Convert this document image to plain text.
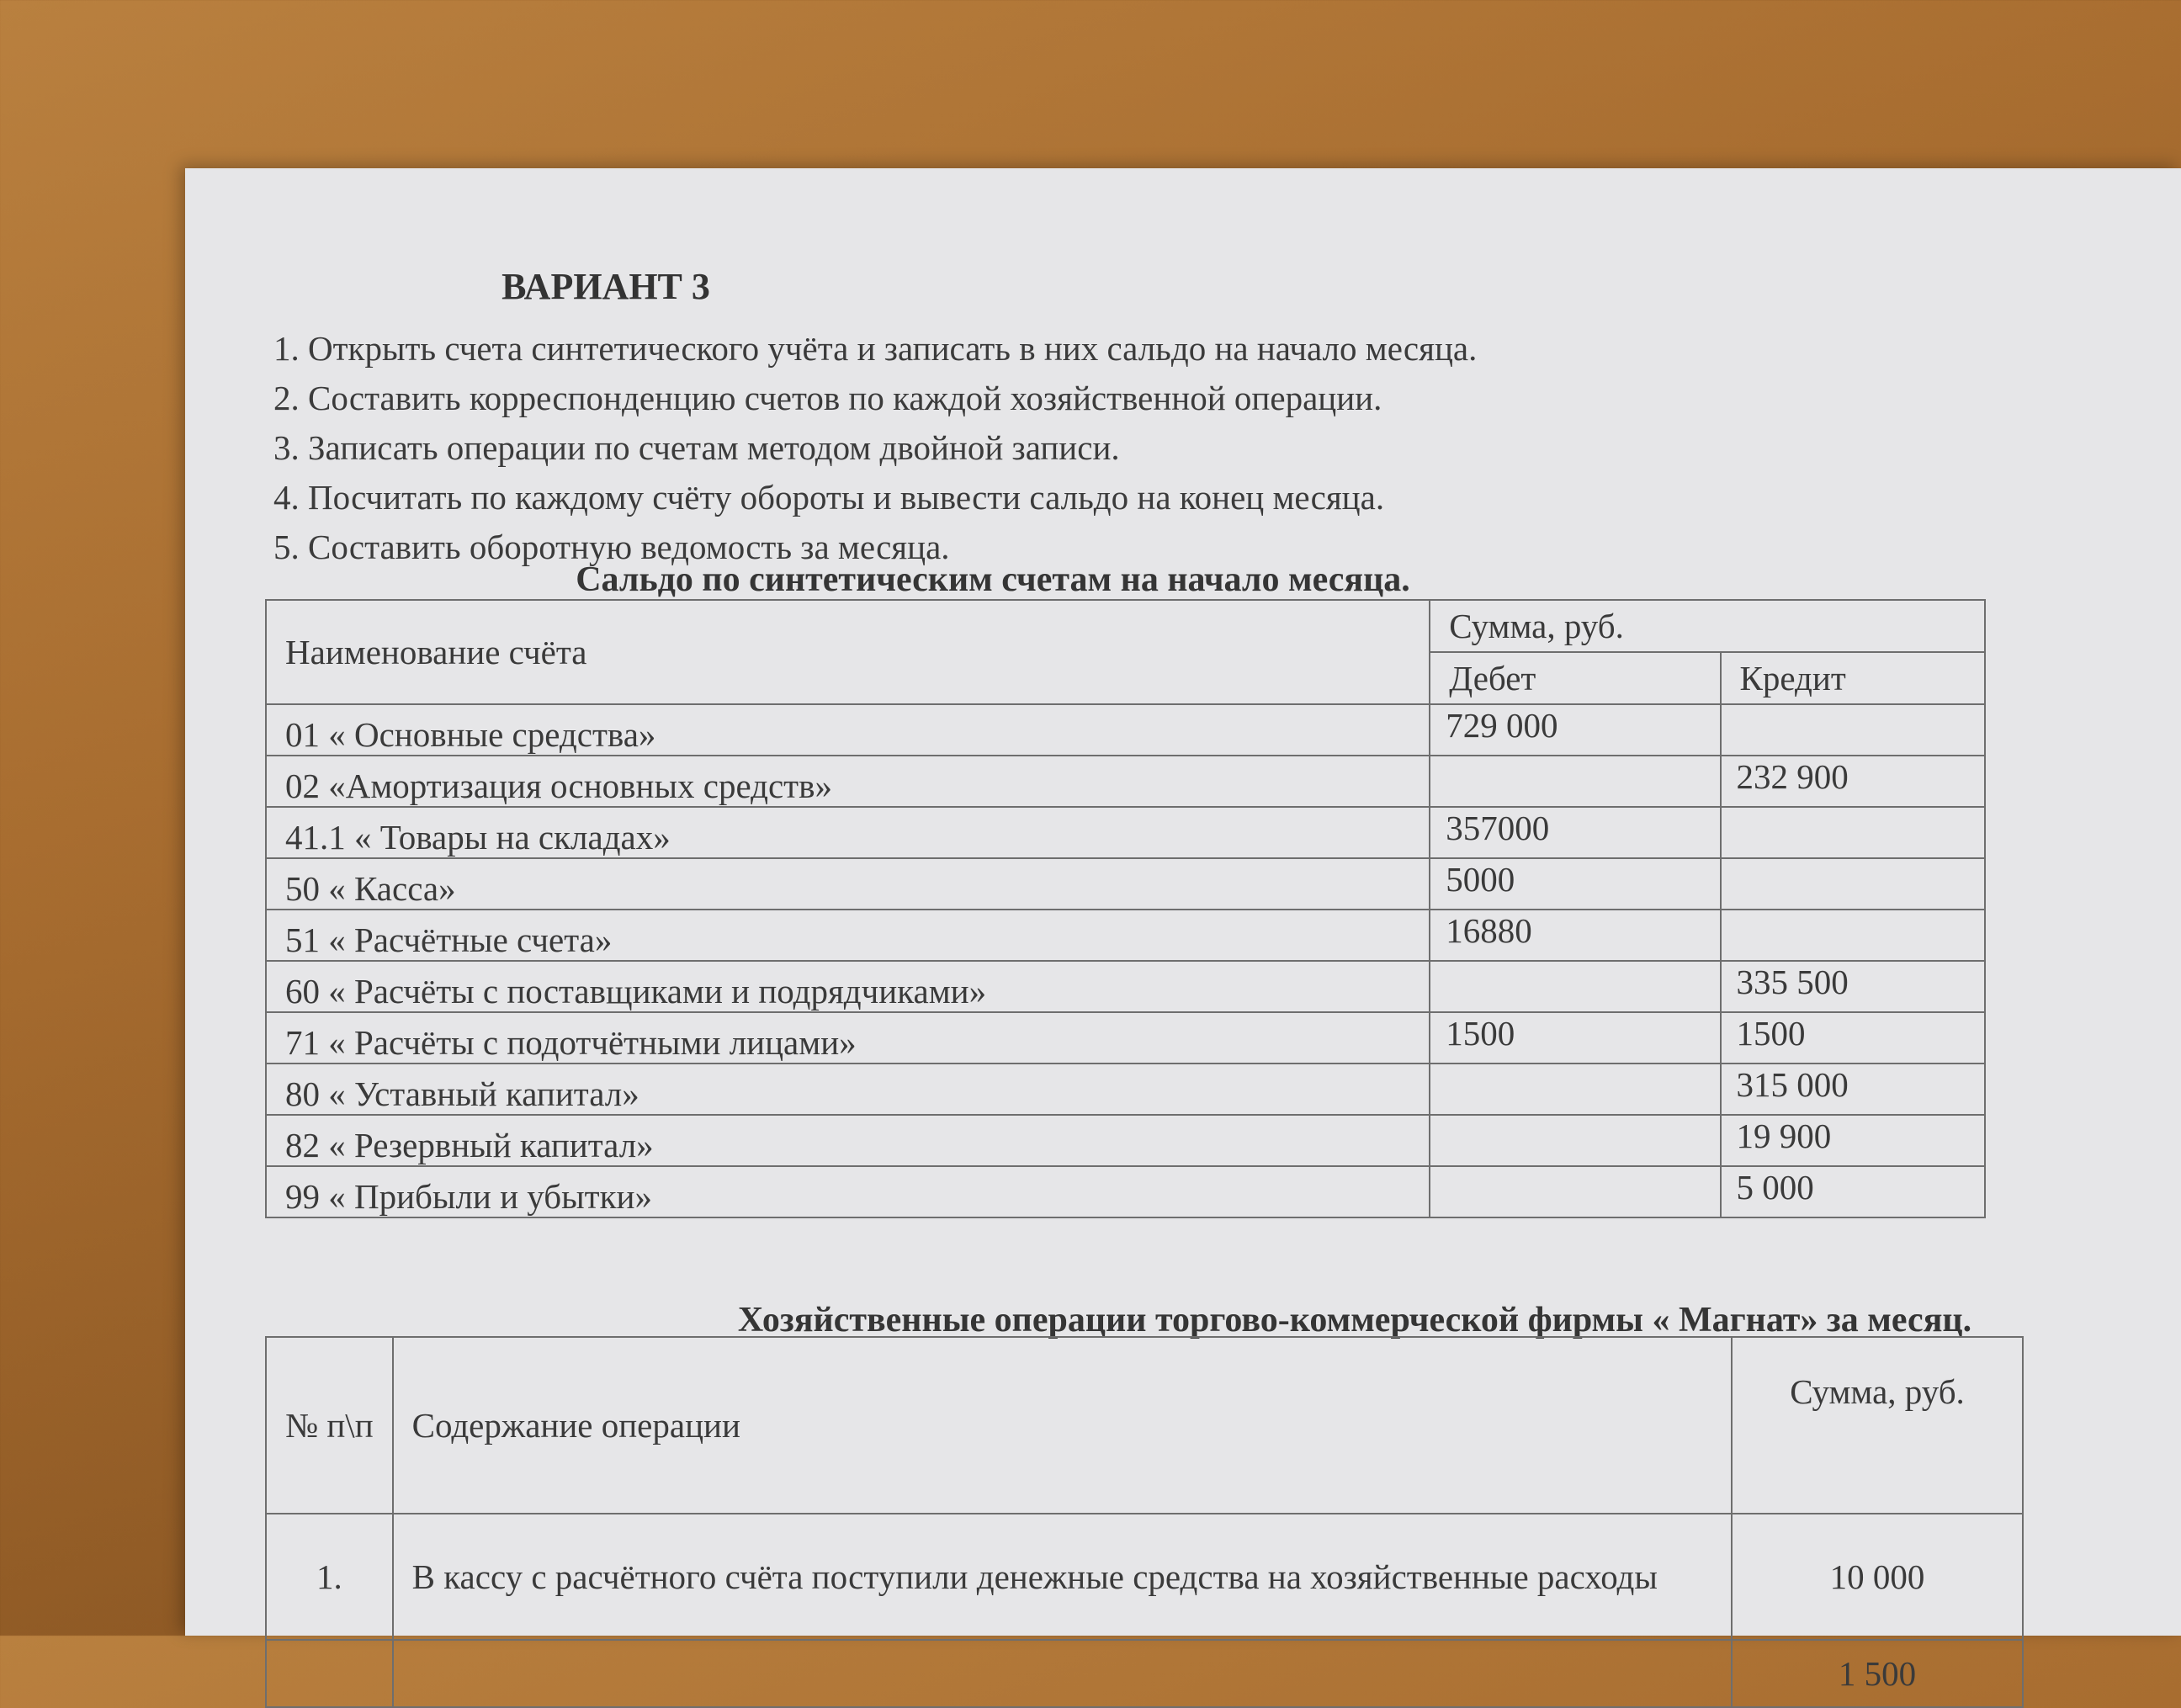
ВАРИАНТ 3
1. Открыть счета синтетического учёта и записать в них сальдо на начало месяца.
2. Составить корреспонденцию счетов по каждой хозяйственной операции.
3. Записать операции по счетам методом двойной записи.
4. Посчитать по каждому счёту обороты и вывести сальдо на конец месяца.
5. Составить оборотную ведомость за месяца.
Сальдо по синтетическим счетам на начало месяца.
Наименование счёта	Сумма, руб.	
	Дебет	Кредит
01 « Основные средства»	729 000	
02 «Амортизация основных средств»		232 900
41.1 « Товары на складах»	357000	
50 « Касса»	5000	
51 « Расчётные счета»	16880	
60 « Расчёты с поставщиками и подрядчиками»		335 500
71 « Расчёты с подотчётными лицами»	1500	1500
80 « Уставный капитал»		315 000
82 « Резервный капитал»		19 900
99 « Прибыли и убытки»		5 000
Хозяйственные операции торгово-коммерческой фирмы « Магнат» за месяц.
№ п\п	Содержание операции	Сумма, руб.
1.	В кассу с расчётного счёта поступили денежные средства на хозяйственные расходы	10 000
		1 500
